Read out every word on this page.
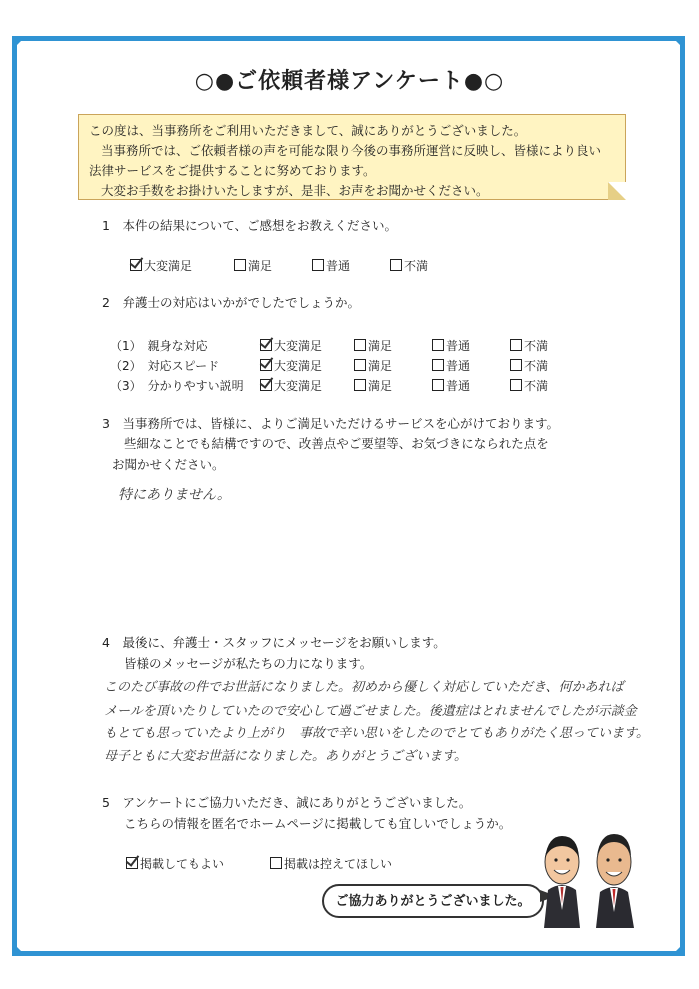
○●ご依頼者様アンケート●○

この度は、当事務所をご利用いただきまして、誠にありがとうございました。

当事務所では、ご依頼者様の声を可能な限り今後の事務所運営に反映し、皆様により良い

法律サービスをご提供することに努めております。

大変お手数をお掛けいたしますが、是非、お声をお聞かせください。

1　本件の結果について、ご感想をお教えください。
大変満足	満足	普通	不満
2　弁護士の対応はいかがでしたでしょうか。
（1）　親身な対応	大変満足	満足	普通	不満
（2）　対応スピード	大変満足	満足	普通	不満
（3）　分かりやすい説明	大変満足	満足	普通	不満
3　当事務所では、皆様に、よりご満足いただけるサービスを心がけております。
些細なことでも結構ですので、改善点やご要望等、お気づきになられた点を
お聞かせください。
特にありません。
4　最後に、弁護士・スタッフにメッセージをお願いします。
皆様のメッセージが私たちの力になります。
このたび事故の件でお世話になりました。初めから優しく対応していただき、何かあれば
メールを頂いたりしていたので安心して過ごせました。後遺症はとれませんでしたが示談金
もとても思っていたより上がり　事故で辛い思いをしたのでとてもありがたく思っています。
母子ともに大変お世話になりました。ありがとうございます。
5　アンケートにご協力いただき、誠にありがとうございました。
こちらの情報を匿名でホームページに掲載しても宜しいでしょうか。
掲載してもよい	掲載は控えてほしい
ご協力ありがとうございました。
